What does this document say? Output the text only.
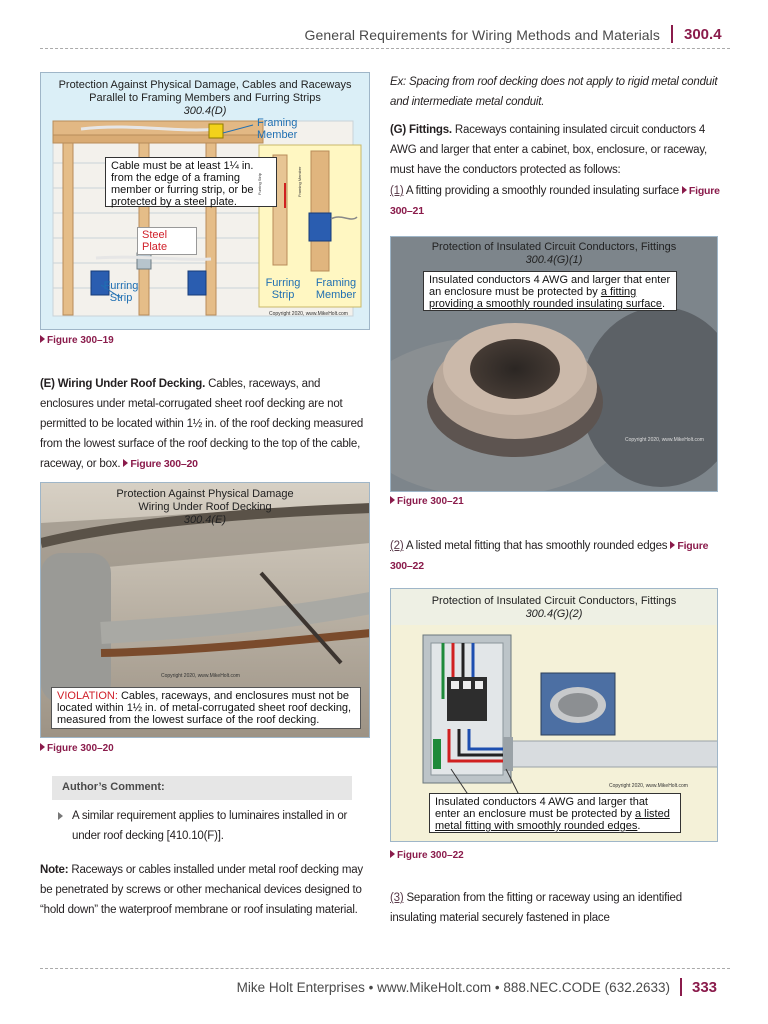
General Requirements for Wiring Methods and Materials 300.4
Protection Against Physical Damage, Cables and Raceways
Parallel to Framing Members and Furring Strips
300.4(D)
Framing Member
Cable must be at least 1¼ in. from the edge of a framing member or furring strip, or be protected by a steel plate.
Steel Plate
Furring Strip
Furring Strip
Framing Member
Furring Strip	Framing Member
Copyright 2020, www.MikeHolt.com
Figure 300–19
(E) Wiring Under Roof Decking. Cables, raceways, and enclosures under metal-corrugated sheet roof decking are not permitted to be located within 1½ in. of the roof decking measured from the lowest surface of the roof decking to the top of the cable, raceway, or box. Figure 300–20
Protection Against Physical Damage
Wiring Under Roof Decking
300.4(E)
Copyright 2020, www.MikeHolt.com
VIOLATION: Cables, raceways, and enclosures must not be located within 1½ in. of metal-corrugated sheet roof decking, measured from the lowest surface of the roof decking.
Figure 300–20
Author’s Comment:
A similar requirement applies to luminaires installed in or under roof decking [410.10(F)].
Note: Raceways or cables installed under metal roof decking may be penetrated by screws or other mechanical devices designed to “hold down” the waterproof membrane or roof insulating material.
Ex: Spacing from roof decking does not apply to rigid metal conduit and intermediate metal conduit.
(G) Fittings. Raceways containing insulated circuit conductors 4 AWG and larger that enter a cabinet, box, enclosure, or raceway, must have the conductors protected as follows:
(1) A fitting providing a smoothly rounded insulating surface Figure 300–21
Protection of Insulated Circuit Conductors, Fittings
300.4(G)(1)
Insulated conductors 4 AWG and larger that enter an enclosure must be protected by a fitting providing a smoothly rounded insulating surface.
Copyright 2020, www.MikeHolt.com
Figure 300–21
(2) A listed metal fitting that has smoothly rounded edges Figure 300–22
Protection of Insulated Circuit Conductors, Fittings
300.4(G)(2)
Copyright 2020, www.MikeHolt.com
Insulated conductors 4 AWG and larger that enter an enclosure must be protected by a listed metal fitting with smoothly rounded edges.
Figure 300–22
(3) Separation from the fitting or raceway using an identified insulating material securely fastened in place
Mike Holt Enterprises • www.MikeHolt.com • 888.NEC.CODE (632.2633) 333
